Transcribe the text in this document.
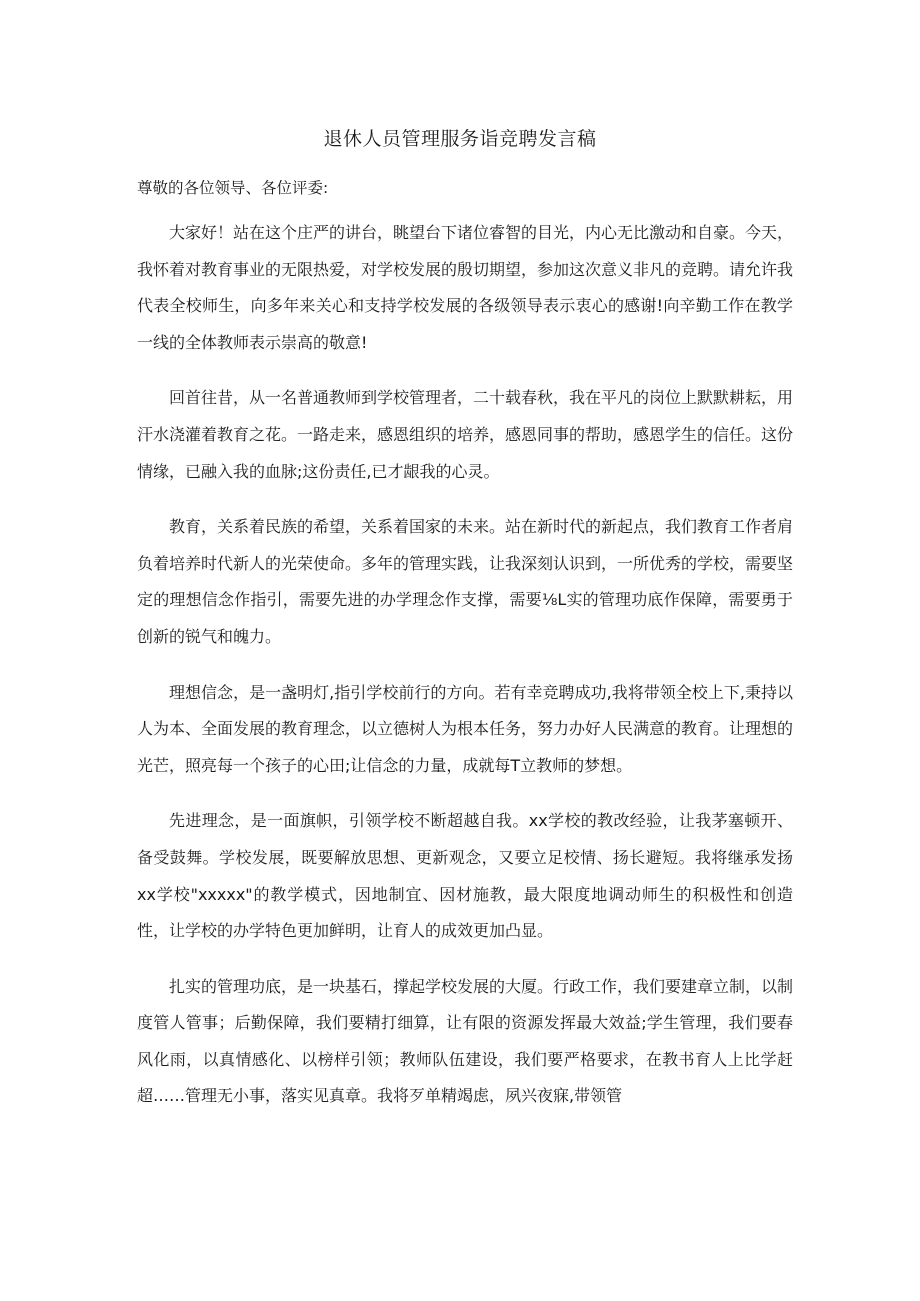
退休人员管理服务诣竞聘发言稿
尊敬的各位领导、各位评委:

大家好！站在这个庄严的讲台，眺望台下诸位睿智的目光，内心无比激动和自豪。今天，我怀着对教育事业的无限热爱，对学校发展的殷切期望，参加这次意义非凡的竞聘。请允许我代表全校师生，向多年来关心和支持学校发展的各级领导表示衷心的感谢!向辛勤工作在教学一线的全体教师表示崇高的敬意!

回首往昔，从一名普通教师到学校管理者，二十载春秋，我在平凡的岗位上默默耕耘，用汗水浇灌着教育之花。一路走来，感恩组织的培养，感恩同事的帮助，感恩学生的信任。这份情缘，已融入我的血脉;这份责任,已才龈我的心灵。

教育，关系着民族的希望，关系着国家的未来。站在新时代的新起点，我们教育工作者肩负着培养时代新人的光荣使命。多年的管理实践，让我深刻认识到，一所优秀的学校，需要坚定的理想信念作指引，需要先进的办学理念作支撑，需要⅛L实的管理功底作保障，需要勇于创新的锐气和魄力。

理想信念，是一盏明灯,指引学校前行的方向。若有幸竞聘成功,我将带领全校上下,秉持以人为本、全面发展的教育理念，以立德树人为根本任务，努力办好人民满意的教育。让理想的光芒，照亮每一个孩子的心田;让信念的力量，成就每T立教师的梦想。

先进理念，是一面旗帜，引领学校不断超越自我。xx学校的教改经验，让我茅塞顿开、备受鼓舞。学校发展，既要解放思想、更新观念，又要立足校情、扬长避短。我将继承发扬xx学校"xxxxx"的教学模式，因地制宜、因材施教，最大限度地调动师生的积极性和创造性，让学校的办学特色更加鲜明，让育人的成效更加凸显。

扎实的管理功底，是一块基石，撑起学校发展的大厦。行政工作，我们要建章立制，以制度管人管事；后勤保障，我们要精打细算，让有限的资源发挥最大效益;学生管理，我们要春风化雨，以真情感化、以榜样引领；教师队伍建设，我们要严格要求，在教书育人上比学赶超……管理无小事，落实见真章。我将歹单精竭虑，夙兴夜寐,带领管
